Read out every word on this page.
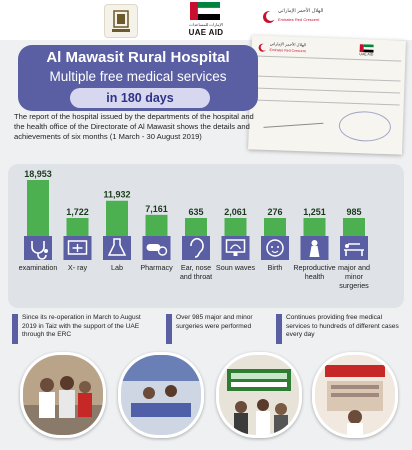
الإمارات للمساعدات
UAE AID
الهلال الأحمر الإماراتي
Emirates Red Crescent
الهلال الأحمر الإماراتي
Emirates Red Crescent
UAE AID
Al Mawasit Rural Hospital
Multiple free medical services
in 180 days
The report of the hospital issued by the departments of the hospital and the health office of the Directorate of Al Mawasit shows the details and achievements of six months (1 March - 30 August 2019)
18,953
examination
1,722
X- ray
11,932
Lab
7,161
Pharmacy
635
Ear, nose
and throat
2,061
Soun waves
276
Birth
1,251
Reproductive
health
985
major and
minor
surgeries
Since its re-operation in March to August 2019 in Taiz with the support of the UAE through the ERC
Over 985 major and minor surgeries were performed
Continues providing free medical services to hundreds of different cases every day
